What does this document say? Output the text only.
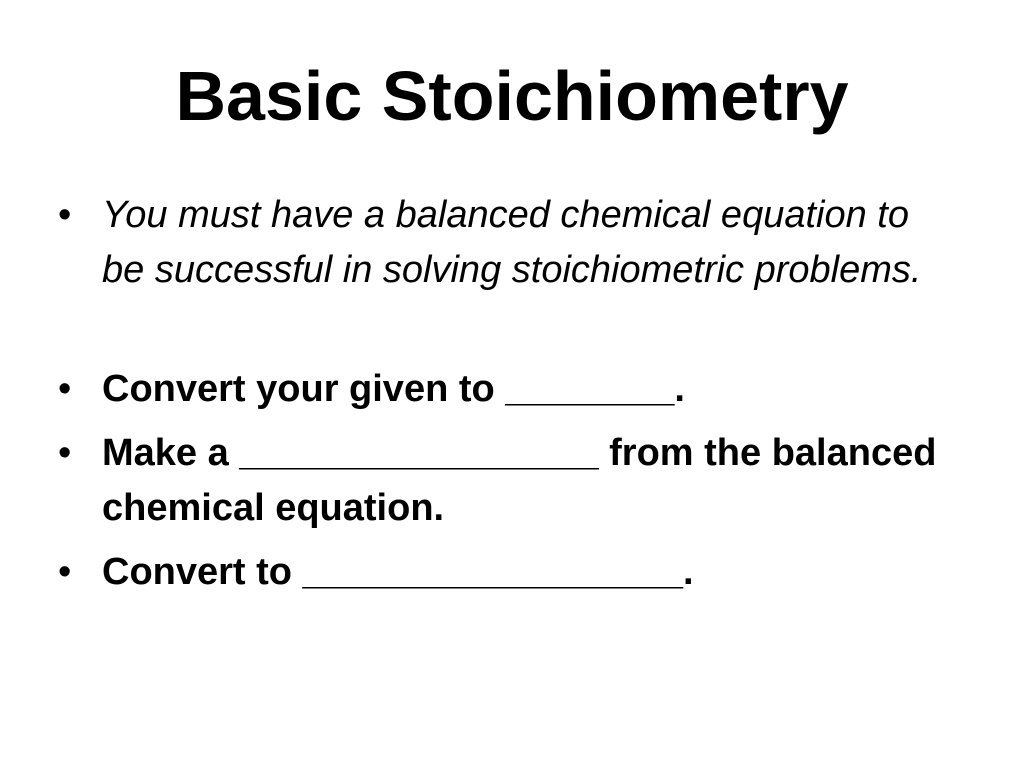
Basic Stoichiometry
• You must have a balanced chemical equation to be successful in solving stoichiometric problems.
• Convert your given to ________.
• Make a _________________ from the balanced chemical equation.
• Convert to __________________.
